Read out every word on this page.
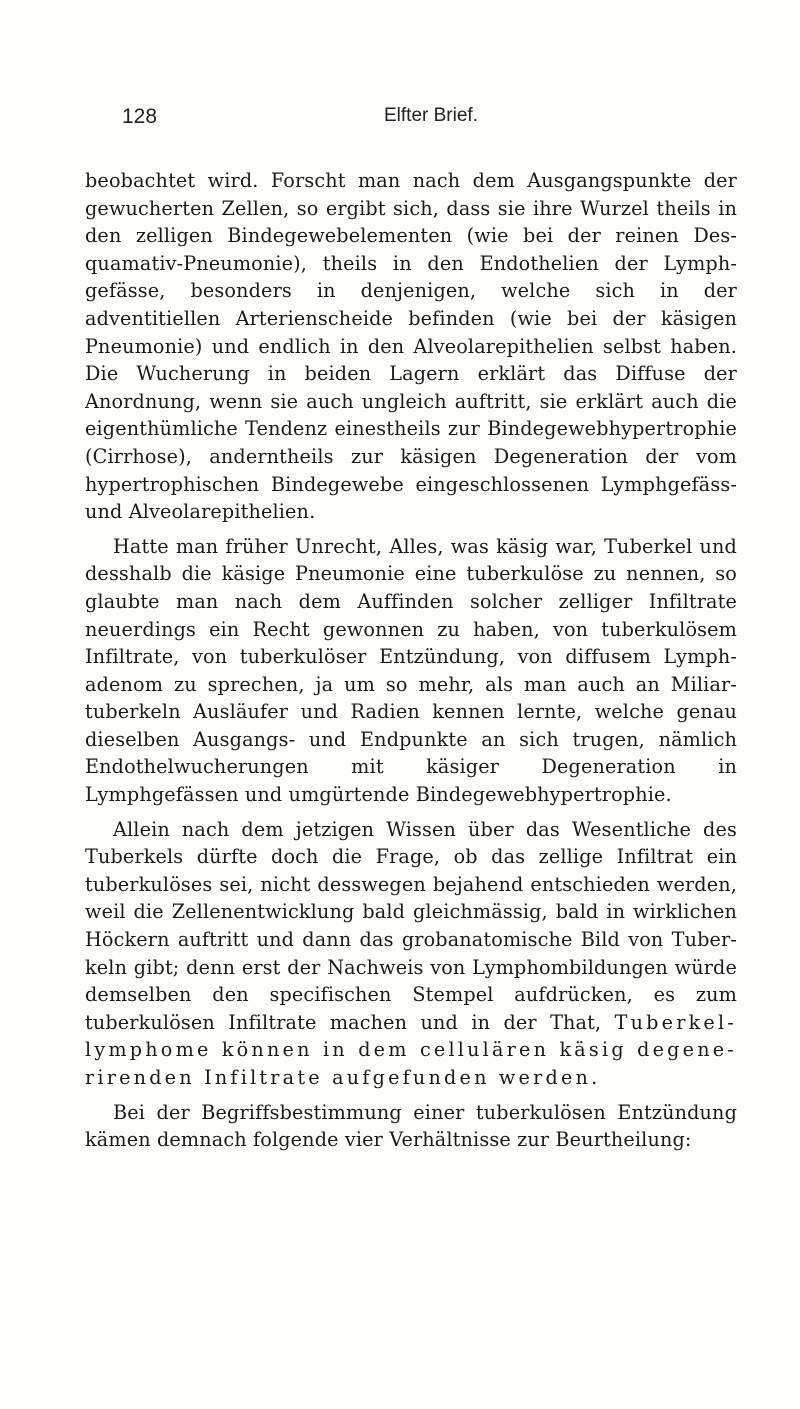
128	Elfter Brief.

beobachtet wird. Forscht man nach dem Ausgangspunkte der gewucherten Zellen, so ergibt sich, dass sie ihre Wurzel theils in den zelligen Bindegewebelementen (wie bei der reinen Des-quamativ-Pneumonie), theils in den Endothelien der Lymph-gefässe, besonders in denjenigen, welche sich in der adventitiellen Arterienscheide befinden (wie bei der käsigen Pneumonie) und endlich in den Alveolarepithelien selbst haben. Die Wucherung in beiden Lagern erklärt das Diffuse der Anordnung, wenn sie auch ungleich auftritt, sie erklärt auch die eigenthümliche Tendenz einestheils zur Bindegewebhypertrophie (Cirrhose), anderntheils zur käsigen Degeneration der vom hypertrophischen Bindegewebe eingeschlossenen Lymphgefäss- und Alveolarepithelien.

Hatte man früher Unrecht, Alles, was käsig war, Tuberkel und desshalb die käsige Pneumonie eine tuberkulöse zu nennen, so glaubte man nach dem Auffinden solcher zelliger Infiltrate neuerdings ein Recht gewonnen zu haben, von tuberkulösem Infiltrate, von tuberkulöser Entzündung, von diffusem Lymph-adenom zu sprechen, ja um so mehr, als man auch an Miliar-tuberkeln Ausläufer und Radien kennen lernte, welche genau dieselben Ausgangs- und Endpunkte an sich trugen, nämlich Endothelwucherungen mit käsiger Degeneration in Lymphgefässen und umgürtende Bindegewebhypertrophie.

Allein nach dem jetzigen Wissen über das Wesentliche des Tuberkels dürfte doch die Frage, ob das zellige Infiltrat ein tuberkulöses sei, nicht desswegen bejahend entschieden werden, weil die Zellenentwicklung bald gleichmässig, bald in wirklichen Höckern auftritt und dann das grobanatomische Bild von Tuber-keln gibt; denn erst der Nachweis von Lymphombildungen würde demselben den specifischen Stempel aufdrücken, es zum tuberkulösen Infiltrate machen und in der That, Tuberkel-lymphome können in dem cellulären käsig degene-rirenden Infiltrate aufgefunden werden.

Bei der Begriffsbestimmung einer tuberkulösen Entzündung kämen demnach folgende vier Verhältnisse zur Beurtheilung:
